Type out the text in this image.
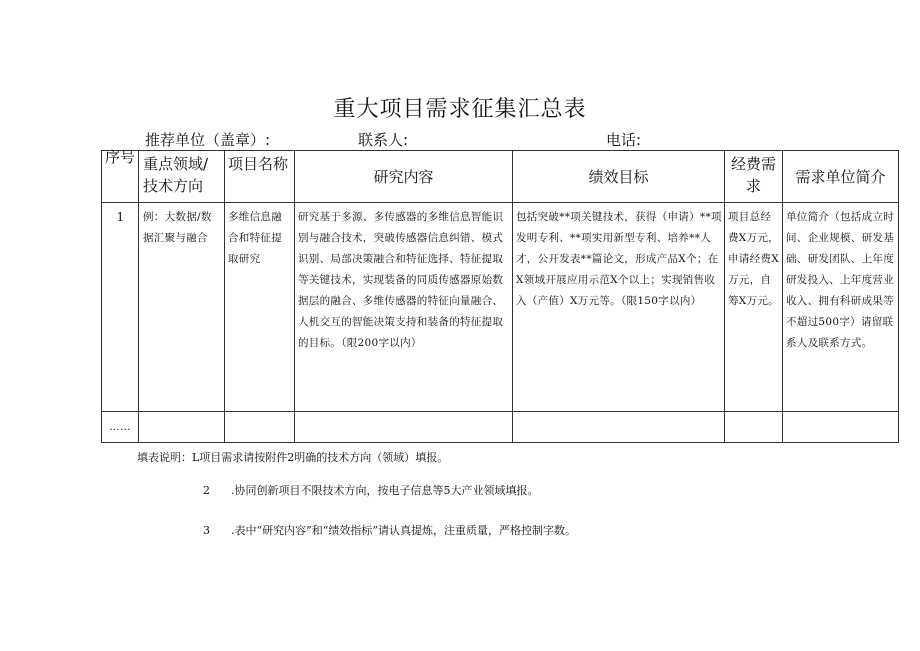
重大项目需求征集汇总表
推荐单位（盖章）:	联系人:	电话:
序号	重点领域/技术方向	项目名称	研究内容	绩效目标	经费需求	需求单位简介
1	例：大数据/数据汇聚与融合	多维信息融合和特征提取研究	研究基于多源、多传感器的多维信息智能识别与融合技术，突破传感器信息纠错、模式识别、局部决策融合和特征选择、特征提取等关键技术，实现装备的同质传感器原始数据层的融合、多维传感器的特征向量融合、人机交互的智能决策支持和装备的特征提取的目标。（限200字以内）	包括突破**项关键技术，获得（申请）**项发明专利、**项实用新型专利、培养**人才，公开发表**篇论文，形成产品X个；在X领域开展应用示范X个以上；实现销售收入（产值）X万元等。（限150字以内）	项目总经费X万元，申请经费X万元，自筹X万元。	单位简介（包括成立时间、企业规模、研发基础、研发团队、上年度研发投入、上年度营业收入、拥有科研成果等不超过500字）请留联系人及联系方式。
……						
填表说明：L项目需求请按附件2明确的技术方向（领域）填报。
2	.协同创新项目不限技术方向，按电子信息等5大产业领域填报。
3	.表中“研究内容”和“绩效指标”请认真提炼，注重质量，严格控制字数。
